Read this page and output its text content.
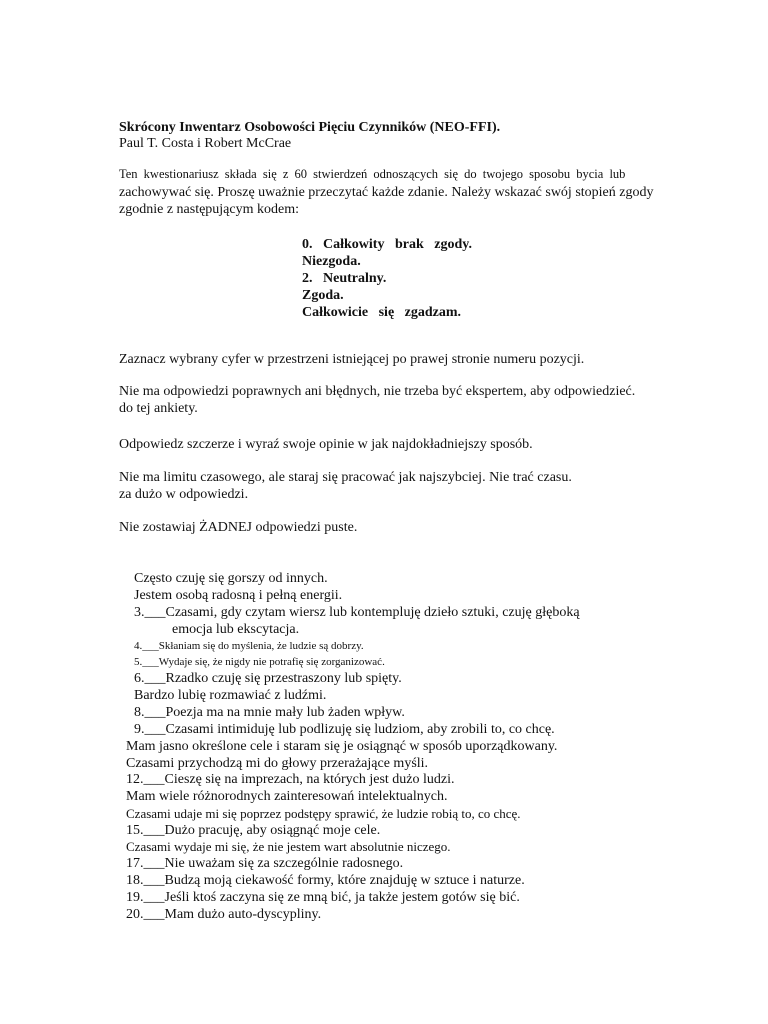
Skrócony Inwentarz Osobowości Pięciu Czynników (NEO-FFI).
Paul T. Costa i Robert McCrae
Ten kwestionariusz składa się z 60 stwierdzeń odnoszących się do twojego sposobu bycia lub
zachowywać się. Proszę uważnie przeczytać każde zdanie. Należy wskazać swój stopień zgody
zgodnie z następującym kodem:
0.   Całkowity   brak   zgody.
Niezgoda.
2.   Neutralny.
Zgoda.
Całkowicie   się   zgadzam.
Zaznacz wybrany cyfer w przestrzeni istniejącej po prawej stronie numeru pozycji.
Nie ma odpowiedzi poprawnych ani błędnych, nie trzeba być ekspertem, aby odpowiedzieć.
do tej ankiety.
Odpowiedz szczerze i wyraź swoje opinie w jak najdokładniejszy sposób.
Nie ma limitu czasowego, ale staraj się pracować jak najszybciej. Nie trać czasu.
za dużo w odpowiedzi.
Nie zostawiaj ŻADNEJ odpowiedzi puste.
Często czuję się gorszy od innych.
Jestem osobą radosną i pełną energii.
3.___Czasami, gdy czytam wiersz lub kontempluję dzieło sztuki, czuję głęboką
emocja lub ekscytacja.
4.___Skłaniam się do myślenia, że ludzie są dobrzy.
5.___Wydaje się, że nigdy nie potrafię się zorganizować.
6.___Rzadko czuję się przestraszony lub spięty.
Bardzo lubię rozmawiać z ludźmi.
8.___Poezja ma na mnie mały lub żaden wpływ.
9.___Czasami intimiduję lub podlizuję się ludziom, aby zrobili to, co chcę.
Mam jasno określone cele i staram się je osiągnąć w sposób uporządkowany.
Czasami przychodzą mi do głowy przerażające myśli.
12.___Cieszę się na imprezach, na których jest dużo ludzi.
Mam wiele różnorodnych zainteresowań intelektualnych.
Czasami udaje mi się poprzez podstępy sprawić, że ludzie robią to, co chcę.
15.___Dużo pracuję, aby osiągnąć moje cele.
Czasami wydaje mi się, że nie jestem wart absolutnie niczego.
17.___Nie uważam się za szczególnie radosnego.
18.___Budzą moją ciekawość formy, które znajduję w sztuce i naturze.
19.___Jeśli ktoś zaczyna się ze mną bić, ja także jestem gotów się bić.
20.___Mam dużo auto-dyscypliny.
